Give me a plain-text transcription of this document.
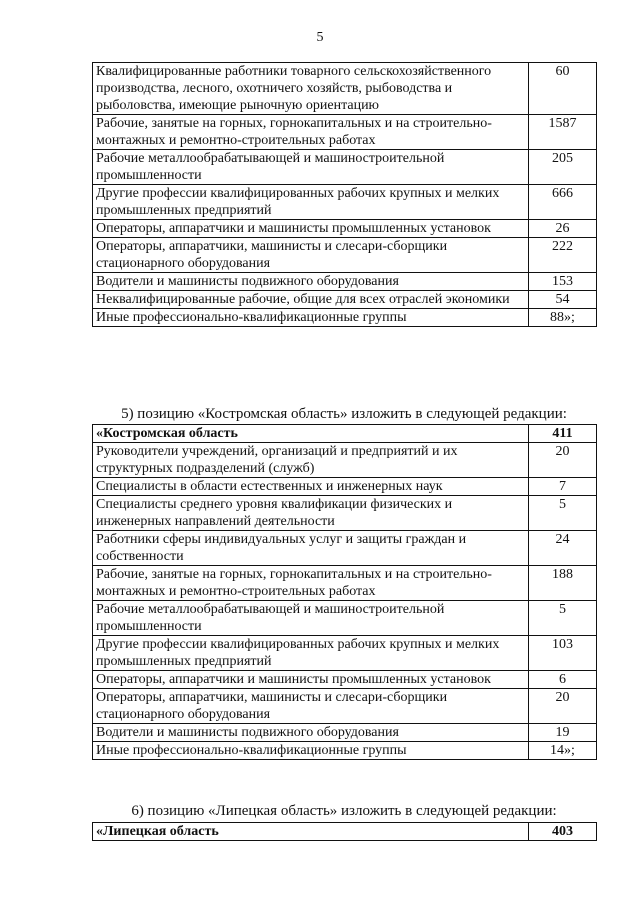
5
Квалифицированные работники товарного сельскохозяйственного производства, лесного, охотничего хозяйств, рыбоводства и рыболовства, имеющие рыночную ориентацию	60
Рабочие, занятые на горных, горнокапитальных и на строительно-монтажных и ремонтно-строительных работах	1587
Рабочие металлообрабатывающей и машиностроительной промышленности	205
Другие профессии квалифицированных рабочих крупных и мелких промышленных предприятий	666
Операторы, аппаратчики и машинисты промышленных установок	26
Операторы, аппаратчики, машинисты и слесари-сборщики стационарного оборудования	222
Водители и машинисты подвижного оборудования	153
Неквалифицированные рабочие, общие для всех отраслей экономики	54
Иные профессионально-квалификационные группы	88»;
5) позицию «Костромская область» изложить в следующей редакции:
«Костромская область	411
Руководители учреждений, организаций и предприятий и их структурных подразделений (служб)	20
Специалисты в области естественных и инженерных наук	7
Специалисты среднего уровня квалификации физических и инженерных направлений деятельности	5
Работники сферы индивидуальных услуг и защиты граждан и собственности	24
Рабочие, занятые на горных, горнокапитальных и на строительно-монтажных и ремонтно-строительных работах	188
Рабочие металлообрабатывающей и машиностроительной промышленности	5
Другие профессии квалифицированных рабочих крупных и мелких промышленных предприятий	103
Операторы, аппаратчики и машинисты промышленных установок	6
Операторы, аппаратчики, машинисты и слесари-сборщики стационарного оборудования	20
Водители и машинисты подвижного оборудования	19
Иные профессионально-квалификационные группы	14»;
6) позицию «Липецкая область» изложить в следующей редакции:
«Липецкая область	403
